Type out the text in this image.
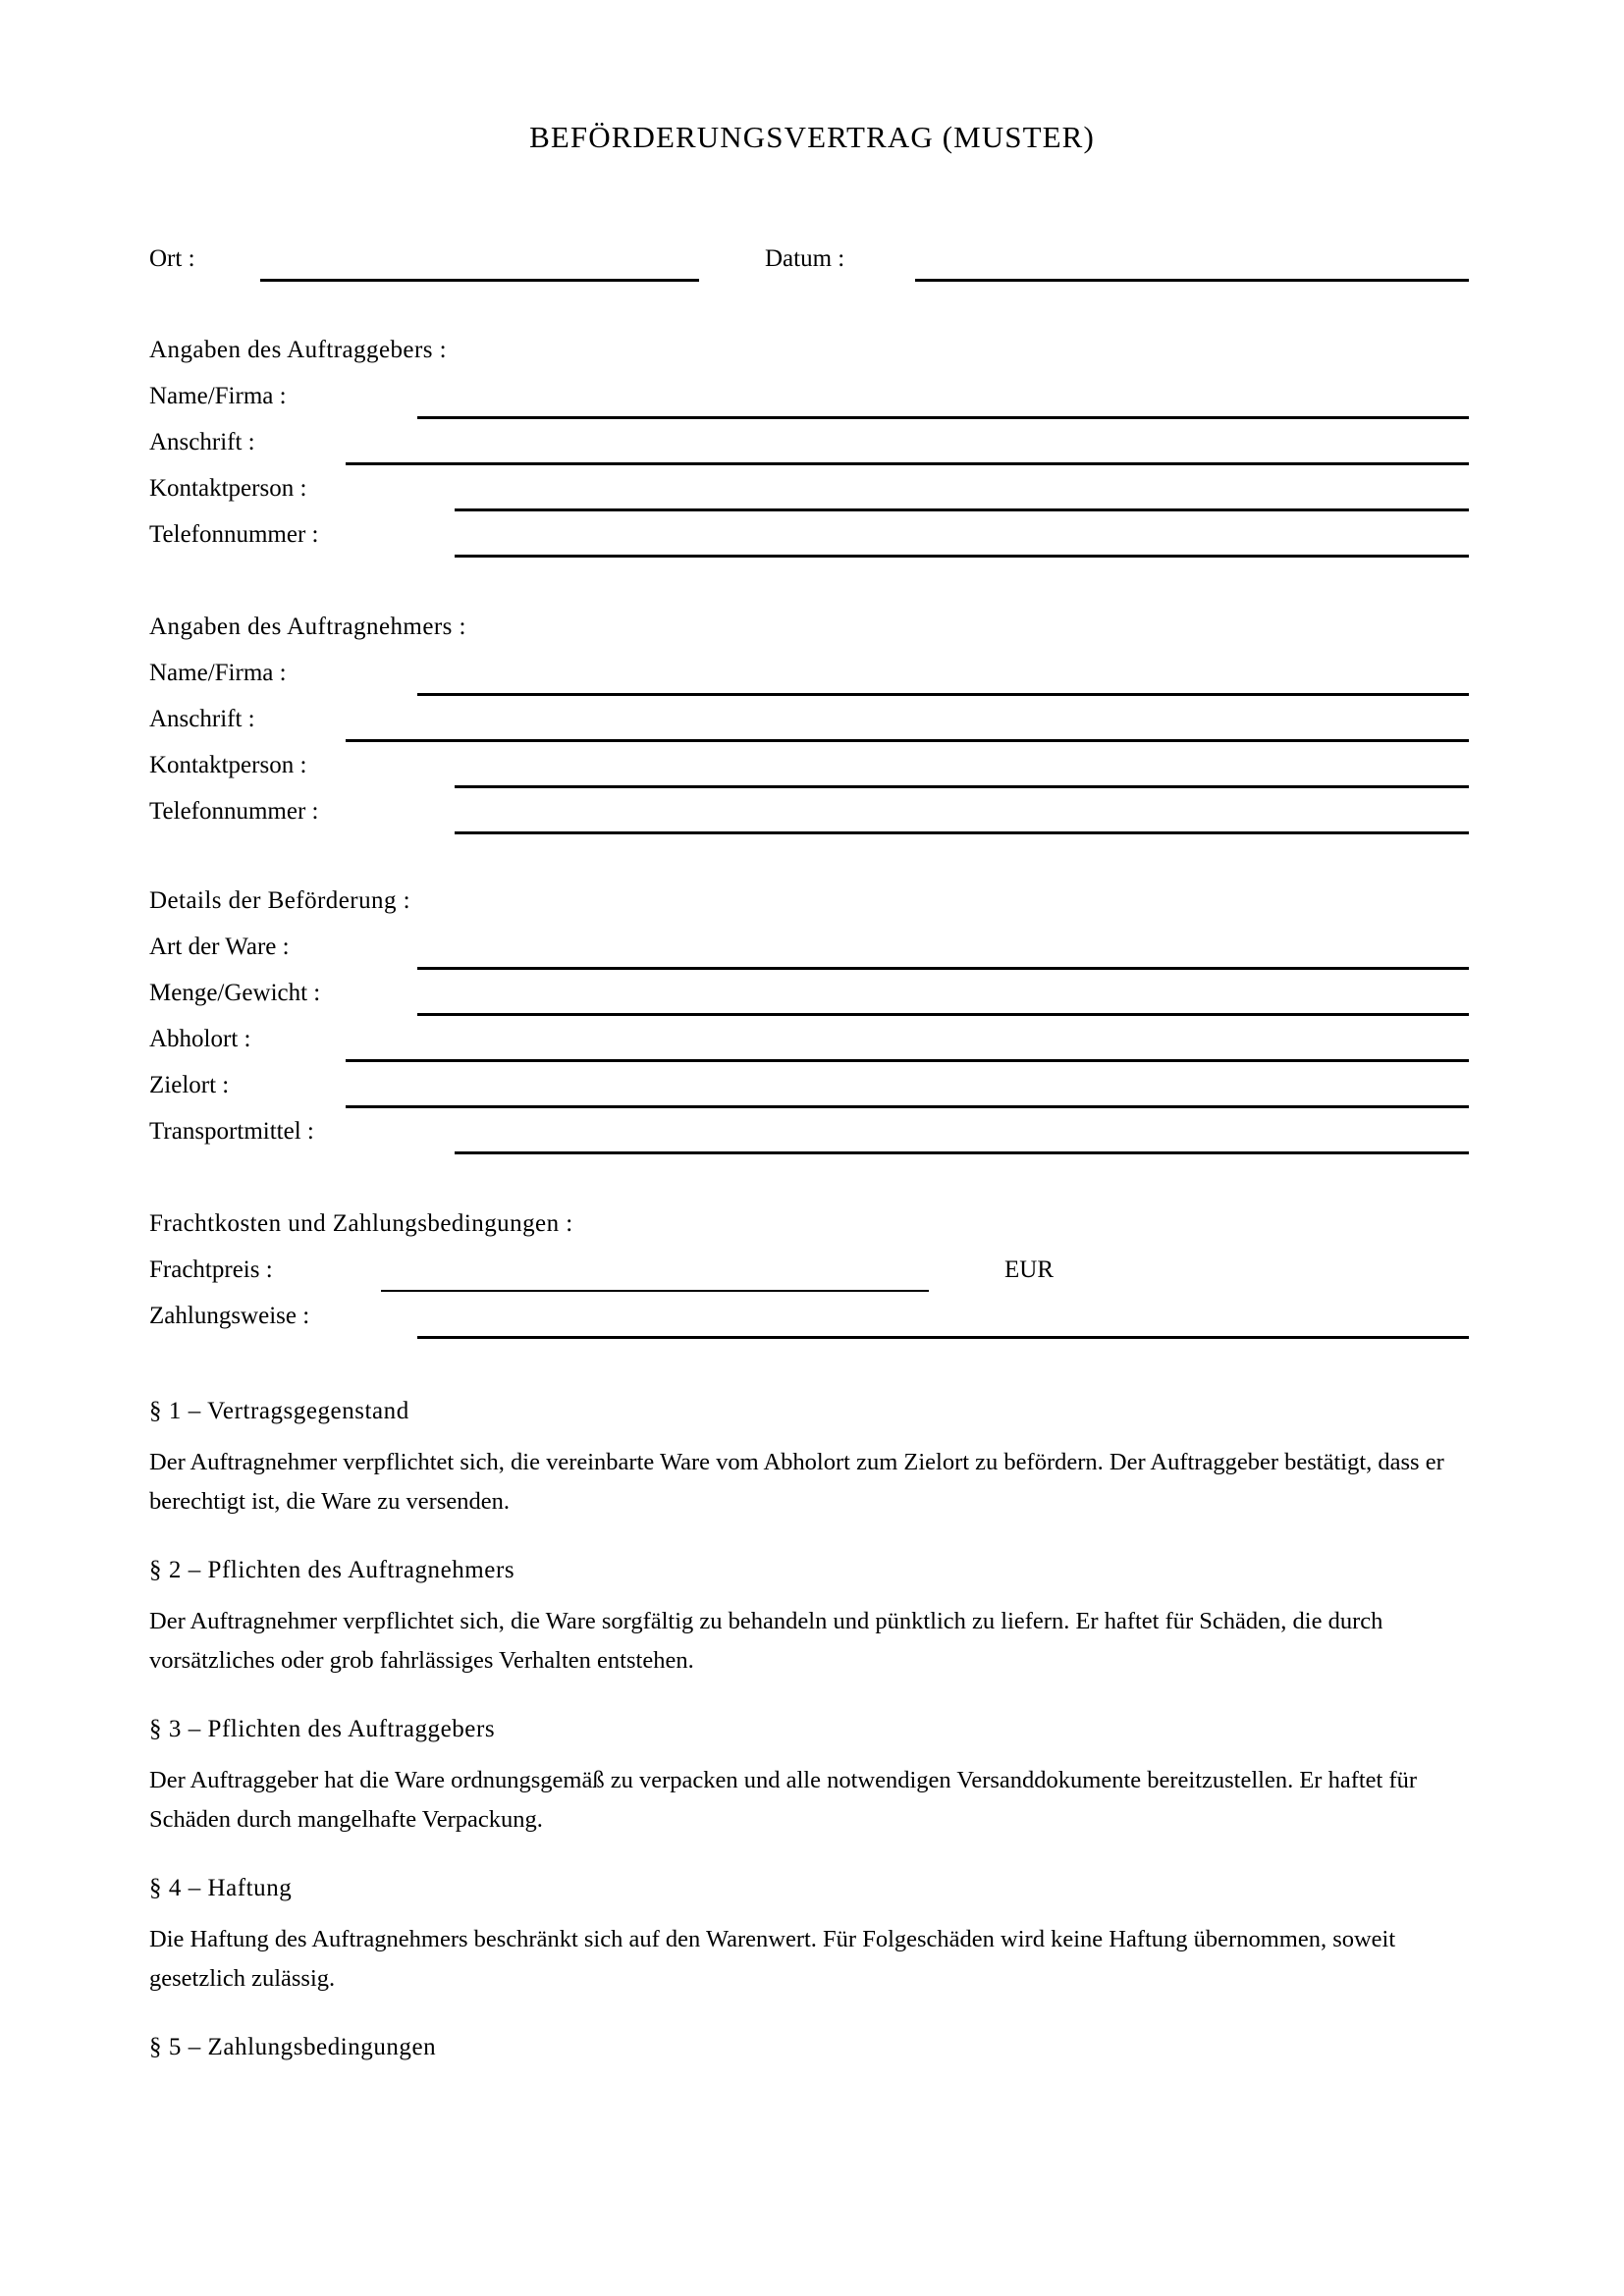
BEFÖRDERUNGSVERTRAG (MUSTER)
Ort :	Datum :
Angaben des Auftraggebers :
Name/Firma :
Anschrift :
Kontaktperson :
Telefonnummer :
Angaben des Auftragnehmers :
Name/Firma :
Anschrift :
Kontaktperson :
Telefonnummer :
Details der Beförderung :
Art der Ware :
Menge/Gewicht :
Abholort :
Zielort :
Transportmittel :
Frachtkosten und Zahlungsbedingungen :
Frachtpreis :	EUR
Zahlungsweise :
§ 1 – Vertragsgegenstand
Der Auftragnehmer verpflichtet sich, die vereinbarte Ware vom Abholort zum Zielort zu befördern. Der Auftraggeber bestätigt, dass er berechtigt ist, die Ware zu versenden.
§ 2 – Pflichten des Auftragnehmers
Der Auftragnehmer verpflichtet sich, die Ware sorgfältig zu behandeln und pünktlich zu liefern. Er haftet für Schäden, die durch vorsätzliches oder grob fahrlässiges Verhalten entstehen.
§ 3 – Pflichten des Auftraggebers
Der Auftraggeber hat die Ware ordnungsgemäß zu verpacken und alle notwendigen Versanddokumente bereitzustellen. Er haftet für Schäden durch mangelhafte Verpackung.
§ 4 – Haftung
Die Haftung des Auftragnehmers beschränkt sich auf den Warenwert. Für Folgeschäden wird keine Haftung übernommen, soweit gesetzlich zulässig.
§ 5 – Zahlungsbedingungen
